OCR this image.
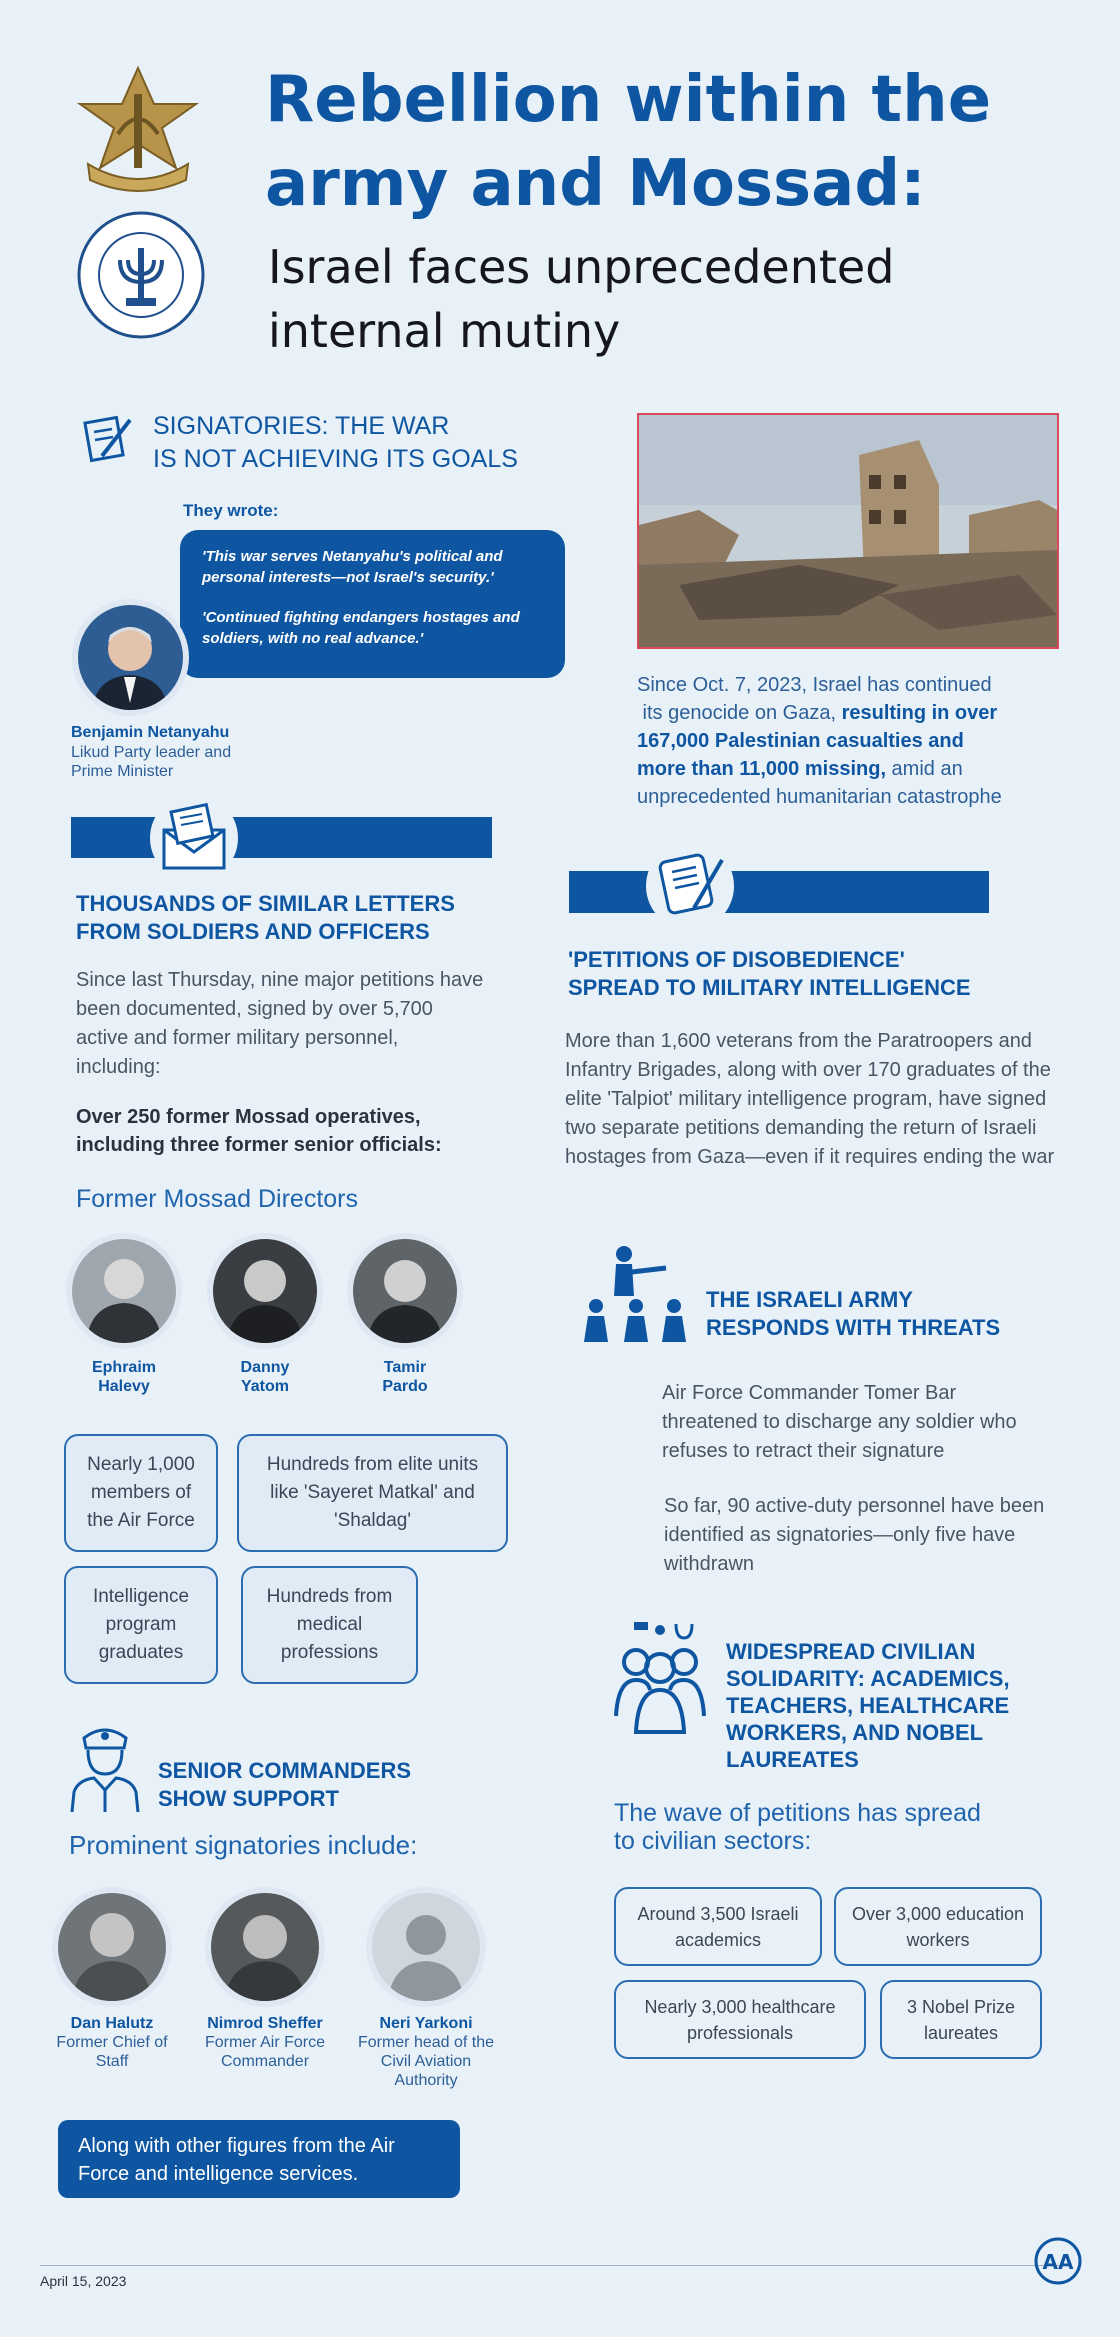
Rebellion within the
army and Mossad:
Israel faces unprecedented
internal mutiny
SIGNATORIES: THE WAR
IS NOT ACHIEVING ITS GOALS
They wrote:
'This war serves Netanyahu's political and personal interests—not Israel's security.'
'Continued fighting endangers hostages and soldiers, with no real advance.'
Benjamin Netanyahu
Likud Party leader and
Prime Minister
Since Oct. 7, 2023, Israel has continued
its genocide on Gaza, resulting in over
167,000 Palestinian casualties and
more than 11,000 missing, amid an
unprecedented humanitarian catastrophe
THOUSANDS OF SIMILAR LETTERS
FROM SOLDIERS AND OFFICERS
Since last Thursday, nine major petitions have been documented, signed by over 5,700 active and former military personnel, including:
Over 250 former Mossad operatives,
including three former senior officials:
Former Mossad Directors
Ephraim
Halevy
Danny
Yatom
Tamir
Pardo
Nearly 1,000 members of the Air Force
Hundreds from elite units like 'Sayeret Matkal' and 'Shaldag'
Intelligence program graduates
Hundreds from medical professions
SENIOR COMMANDERS
SHOW SUPPORT
Prominent signatories include:
Dan Halutz
Former Chief of Staff
Nimrod Sheffer
Former Air Force Commander
Neri Yarkoni
Former head of the Civil Aviation Authority
Along with other figures from the Air Force and intelligence services.
'PETITIONS OF DISOBEDIENCE'
SPREAD TO MILITARY INTELLIGENCE
More than 1,600 veterans from the Paratroopers and Infantry Brigades, along with over 170 graduates of the elite 'Talpiot' military intelligence program, have signed two separate petitions demanding the return of Israeli hostages from Gaza—even if it requires ending the war
THE ISRAELI ARMY
RESPONDS WITH THREATS
Air Force Commander Tomer Bar threatened to discharge any soldier who refuses to retract their signature
So far, 90 active-duty personnel have been identified as signatories—only five have withdrawn
WIDESPREAD CIVILIAN
SOLIDARITY: ACADEMICS,
TEACHERS, HEALTHCARE
WORKERS, AND NOBEL
LAUREATES
The wave of petitions has spread
to civilian sectors:
Around 3,500 Israeli academics
Over 3,000 education workers
Nearly 3,000 healthcare professionals
3 Nobel Prize laureates
April 15, 2023
AA
